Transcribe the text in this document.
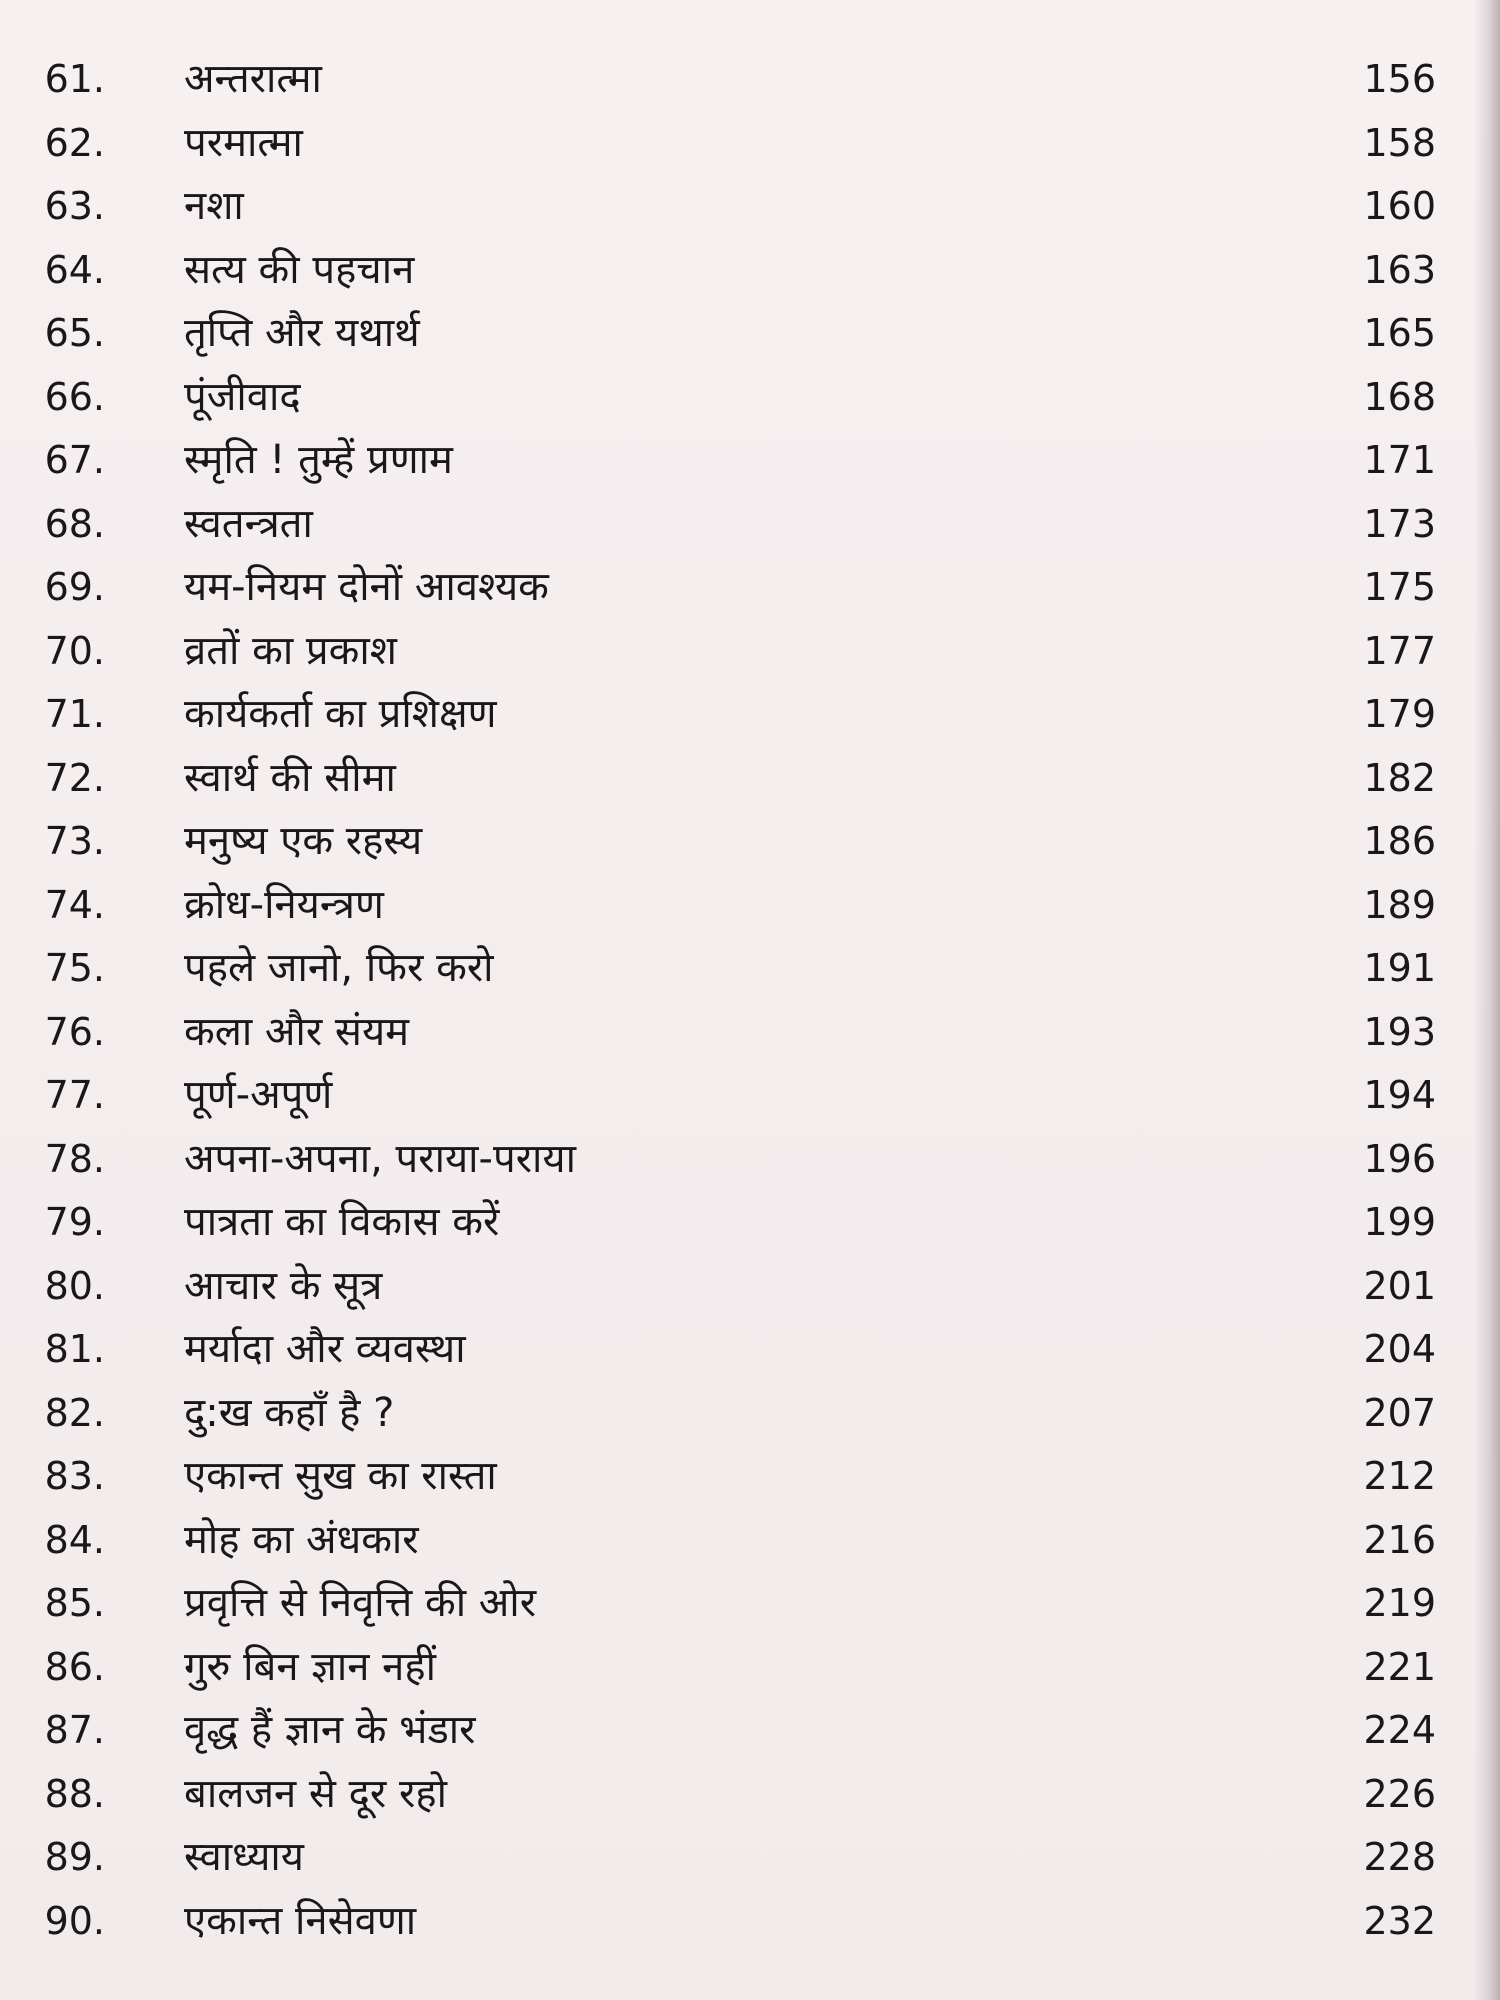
61. अन्तरात्मा	156
62. परमात्मा	158
63. नशा	160
64. सत्य की पहचान	163
65. तृप्ति और यथार्थ	165
66. पूंजीवाद	168
67. स्मृति ! तुम्हें प्रणाम	171
68. स्वतन्त्रता	173
69. यम-नियम दोनों आवश्यक	175
70. व्रतों का प्रकाश	177
71. कार्यकर्ता का प्रशिक्षण	179
72. स्वार्थ की सीमा	182
73. मनुष्य एक रहस्य	186
74. क्रोध-नियन्त्रण	189
75. पहले जानो, फिर करो	191
76. कला और संयम	193
77. पूर्ण-अपूर्ण	194
78. अपना-अपना, पराया-पराया	196
79. पात्रता का विकास करें	199
80. आचार के सूत्र	201
81. मर्यादा और व्यवस्था	204
82. दु:ख कहाँ है ?	207
83. एकान्त सुख का रास्ता	212
84. मोह का अंधकार	216
85. प्रवृत्ति से निवृत्ति की ओर	219
86. गुरु बिन ज्ञान नहीं	221
87. वृद्ध हैं ज्ञान के भंडार	224
88. बालजन से दूर रहो	226
89. स्वाध्याय	228
90. एकान्त निसेवणा	232
